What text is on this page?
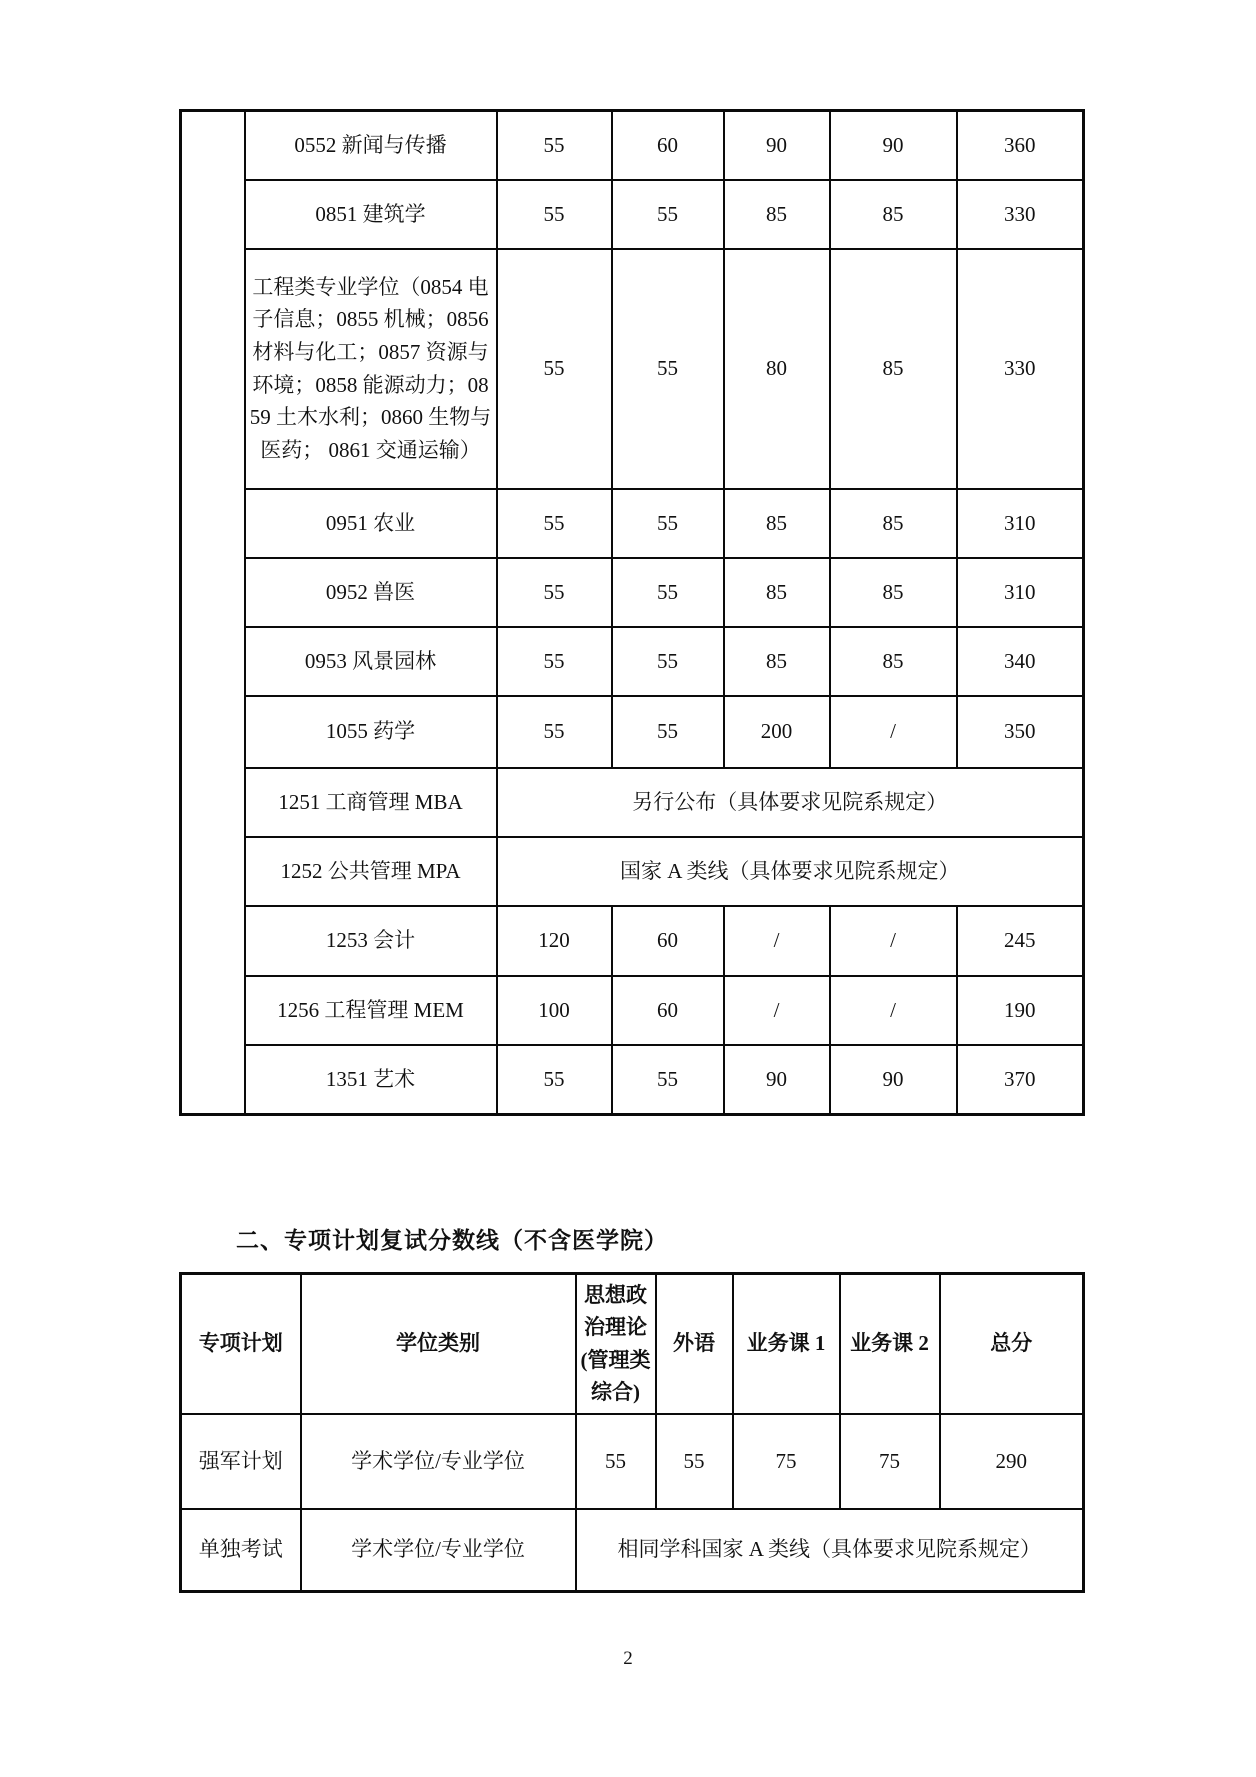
	0552 新闻与传播	55	60	90	90	360
	0851 建筑学	55	55	85	85	330
	工程类专业学位（0854 电子信息；0855 机械；0856 材料与化工；0857 资源与环境；0858 能源动力；0859 土木水利；0860 生物与医药； 0861 交通运输）	55	55	80	85	330
	0951 农业	55	55	85	85	310
	0952 兽医	55	55	85	85	310
	0953 风景园林	55	55	85	85	340
	1055 药学	55	55	200	/	350
	1251 工商管理 MBA	另行公布（具体要求见院系规定）				
	1252 公共管理 MPA	国家 A 类线（具体要求见院系规定）				
	1253 会计	120	60	/	/	245
	1256 工程管理 MEM	100	60	/	/	190
	1351 艺术	55	55	90	90	370
二、专项计划复试分数线（不含医学院）
专项计划	学位类别	思想政治理论(管理类综合)	外语	业务课 1	业务课 2	总分
强军计划	学术学位/专业学位	55	55	75	75	290
单独考试	学术学位/专业学位	相同学科国家 A 类线（具体要求见院系规定）				
2
